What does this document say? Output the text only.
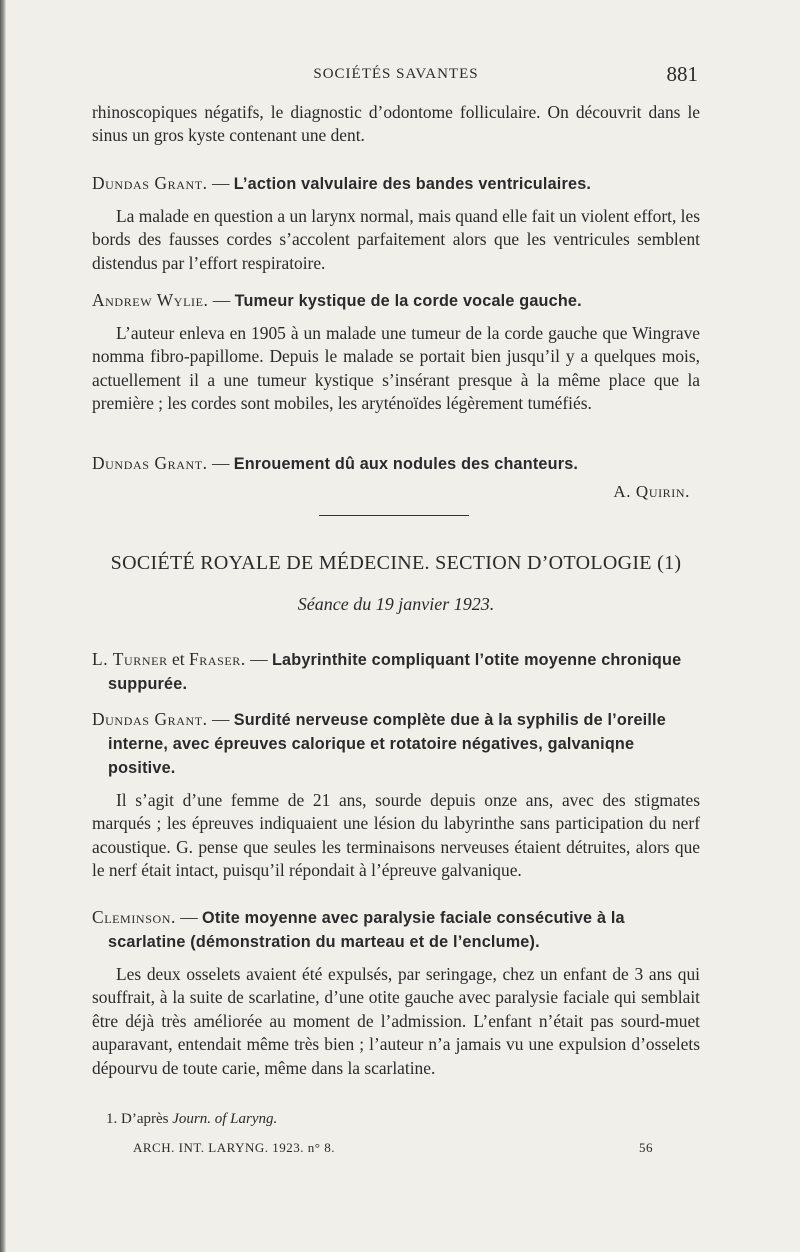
SOCIÉTÉS SAVANTES	881

rhinoscopiques négatifs, le diagnostic d’odontome folliculaire. On découvrit dans le sinus un gros kyste contenant une dent.

Dundas Grant. — L’action valvulaire des bandes ventriculaires.

La malade en question a un larynx normal, mais quand elle fait un violent effort, les bords des fausses cordes s’accolent parfaitement alors que les ventricules semblent distendus par l’effort respiratoire.

Andrew Wylie. — Tumeur kystique de la corde vocale gauche.

L’auteur enleva en 1905 à un malade une tumeur de la corde gauche que Wingrave nomma fibro-papillome. Depuis le malade se portait bien jusqu’il y a quelques mois, actuellement il a une tumeur kystique s’insérant presque à la même place que la première ; les cordes sont mobiles, les aryténoïdes légèrement tuméfiés.

Dundas Grant. — Enrouement dû aux nodules des chanteurs.

A. Quirin.

SOCIÉTÉ ROYALE DE MÉDECINE. SECTION D’OTOLOGIE (1)
Séance du 19 janvier 1923.

L. Turner et Fraser. — Labyrinthite compliquant l’otite moyenne chronique suppurée.

Dundas Grant. — Surdité nerveuse complète due à la syphilis de l’oreille interne, avec épreuves calorique et rotatoire négatives, galvaniqne positive.

Il s’agit d’une femme de 21 ans, sourde depuis onze ans, avec des stigmates marqués ; les épreuves indiquaient une lésion du labyrinthe sans participation du nerf acoustique. G. pense que seules les terminaisons nerveuses étaient détruites, alors que le nerf était intact, puisqu’il répondait à l’épreuve galvanique.

Cleminson. — Otite moyenne avec paralysie faciale consécutive à la scarlatine (démonstration du marteau et de l’enclume).

Les deux osselets avaient été expulsés, par seringage, chez un enfant de 3 ans qui souffrait, à la suite de scarlatine, d’une otite gauche avec paralysie faciale qui semblait être déjà très améliorée au moment de l’admission. L’enfant n’était pas sourd-muet auparavant, entendait même très bien ; l’auteur n’a jamais vu une expulsion d’osselets dépourvu de toute carie, même dans la scarlatine.

1. D’après Journ. of Laryng.
ARCH. INT. LARYNG. 1923. n° 8.	56
